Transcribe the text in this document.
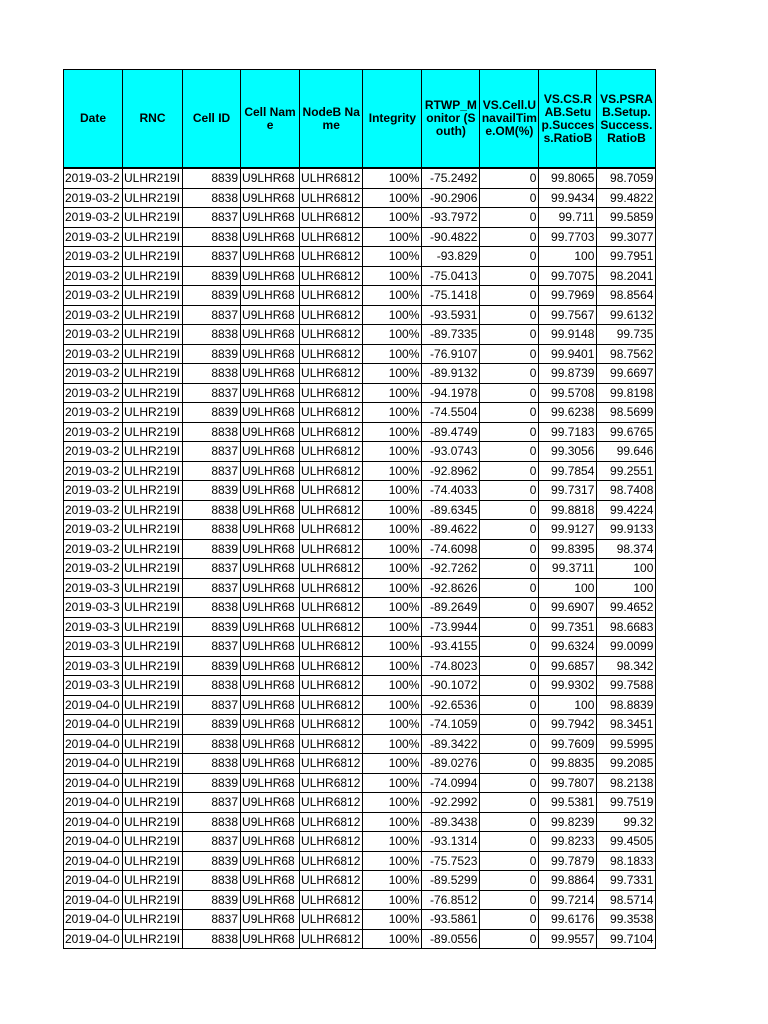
Date	RNC	Cell ID	Cell Name	NodeB Name	Integrity	RTWP_Monitor (South)	VS.Cell.UnavailTime.OM(%)	VS.CS.RAB.Setup.Success.RatioB	VS.PSRAB.Setup.Success.RatioB
2019-03-2	ULHR219I	8839	U9LHR68	ULHR6812	100%	-75.2492	0	99.8065	98.7059
2019-03-2	ULHR219I	8838	U9LHR68	ULHR6812	100%	-90.2906	0	99.9434	99.4822
2019-03-2	ULHR219I	8837	U9LHR68	ULHR6812	100%	-93.7972	0	99.711	99.5859
2019-03-2	ULHR219I	8838	U9LHR68	ULHR6812	100%	-90.4822	0	99.7703	99.3077
2019-03-2	ULHR219I	8837	U9LHR68	ULHR6812	100%	-93.829	0	100	99.7951
2019-03-2	ULHR219I	8839	U9LHR68	ULHR6812	100%	-75.0413	0	99.7075	98.2041
2019-03-2	ULHR219I	8839	U9LHR68	ULHR6812	100%	-75.1418	0	99.7969	98.8564
2019-03-2	ULHR219I	8837	U9LHR68	ULHR6812	100%	-93.5931	0	99.7567	99.6132
2019-03-2	ULHR219I	8838	U9LHR68	ULHR6812	100%	-89.7335	0	99.9148	99.735
2019-03-2	ULHR219I	8839	U9LHR68	ULHR6812	100%	-76.9107	0	99.9401	98.7562
2019-03-2	ULHR219I	8838	U9LHR68	ULHR6812	100%	-89.9132	0	99.8739	99.6697
2019-03-2	ULHR219I	8837	U9LHR68	ULHR6812	100%	-94.1978	0	99.5708	99.8198
2019-03-2	ULHR219I	8839	U9LHR68	ULHR6812	100%	-74.5504	0	99.6238	98.5699
2019-03-2	ULHR219I	8838	U9LHR68	ULHR6812	100%	-89.4749	0	99.7183	99.6765
2019-03-2	ULHR219I	8837	U9LHR68	ULHR6812	100%	-93.0743	0	99.3056	99.646
2019-03-2	ULHR219I	8837	U9LHR68	ULHR6812	100%	-92.8962	0	99.7854	99.2551
2019-03-2	ULHR219I	8839	U9LHR68	ULHR6812	100%	-74.4033	0	99.7317	98.7408
2019-03-2	ULHR219I	8838	U9LHR68	ULHR6812	100%	-89.6345	0	99.8818	99.4224
2019-03-2	ULHR219I	8838	U9LHR68	ULHR6812	100%	-89.4622	0	99.9127	99.9133
2019-03-2	ULHR219I	8839	U9LHR68	ULHR6812	100%	-74.6098	0	99.8395	98.374
2019-03-2	ULHR219I	8837	U9LHR68	ULHR6812	100%	-92.7262	0	99.3711	100
2019-03-3	ULHR219I	8837	U9LHR68	ULHR6812	100%	-92.8626	0	100	100
2019-03-3	ULHR219I	8838	U9LHR68	ULHR6812	100%	-89.2649	0	99.6907	99.4652
2019-03-3	ULHR219I	8839	U9LHR68	ULHR6812	100%	-73.9944	0	99.7351	98.6683
2019-03-3	ULHR219I	8837	U9LHR68	ULHR6812	100%	-93.4155	0	99.6324	99.0099
2019-03-3	ULHR219I	8839	U9LHR68	ULHR6812	100%	-74.8023	0	99.6857	98.342
2019-03-3	ULHR219I	8838	U9LHR68	ULHR6812	100%	-90.1072	0	99.9302	99.7588
2019-04-0	ULHR219I	8837	U9LHR68	ULHR6812	100%	-92.6536	0	100	98.8839
2019-04-0	ULHR219I	8839	U9LHR68	ULHR6812	100%	-74.1059	0	99.7942	98.3451
2019-04-0	ULHR219I	8838	U9LHR68	ULHR6812	100%	-89.3422	0	99.7609	99.5995
2019-04-0	ULHR219I	8838	U9LHR68	ULHR6812	100%	-89.0276	0	99.8835	99.2085
2019-04-0	ULHR219I	8839	U9LHR68	ULHR6812	100%	-74.0994	0	99.7807	98.2138
2019-04-0	ULHR219I	8837	U9LHR68	ULHR6812	100%	-92.2992	0	99.5381	99.7519
2019-04-0	ULHR219I	8838	U9LHR68	ULHR6812	100%	-89.3438	0	99.8239	99.32
2019-04-0	ULHR219I	8837	U9LHR68	ULHR6812	100%	-93.1314	0	99.8233	99.4505
2019-04-0	ULHR219I	8839	U9LHR68	ULHR6812	100%	-75.7523	0	99.7879	98.1833
2019-04-0	ULHR219I	8838	U9LHR68	ULHR6812	100%	-89.5299	0	99.8864	99.7331
2019-04-0	ULHR219I	8839	U9LHR68	ULHR6812	100%	-76.8512	0	99.7214	98.5714
2019-04-0	ULHR219I	8837	U9LHR68	ULHR6812	100%	-93.5861	0	99.6176	99.3538
2019-04-0	ULHR219I	8838	U9LHR68	ULHR6812	100%	-89.0556	0	99.9557	99.7104
